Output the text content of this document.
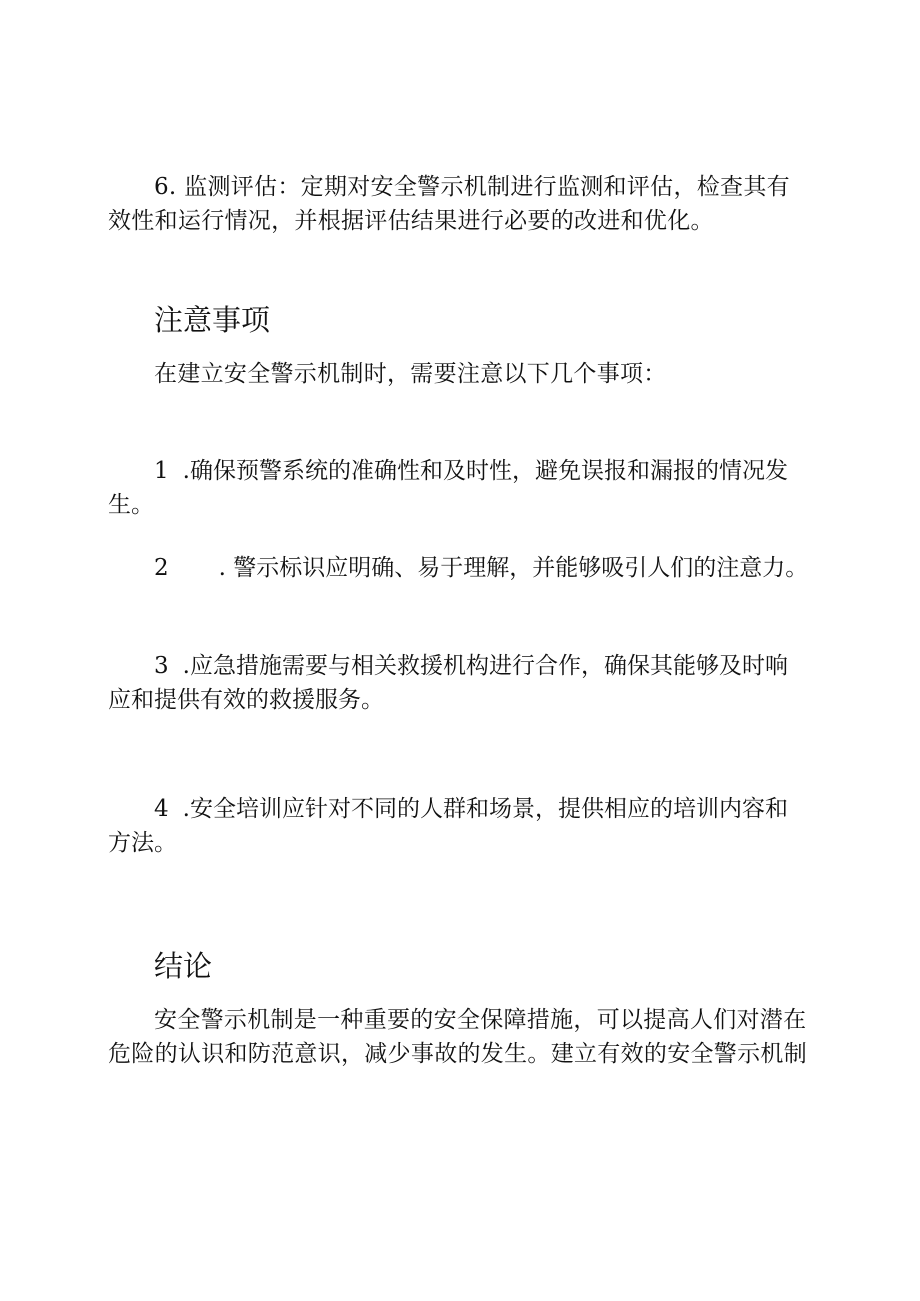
6. 监测评估：定期对安全警示机制进行监测和评估，检查其有效性和运行情况，并根据评估结果进行必要的改进和优化。

注意事项

在建立安全警示机制时，需要注意以下几个事项：

1 .确保预警系统的准确性和及时性，避免误报和漏报的情况发生。

2 . 警示标识应明确、易于理解，并能够吸引人们的注意力。

3 .应急措施需要与相关救援机构进行合作，确保其能够及时响应和提供有效的救援服务。

4 .安全培训应针对不同的人群和场景，提供相应的培训内容和方法。

结论

安全警示机制是一种重要的安全保障措施，可以提高人们对潜在危险的认识和防范意识，减少事故的发生。建立有效的安全警示机制
